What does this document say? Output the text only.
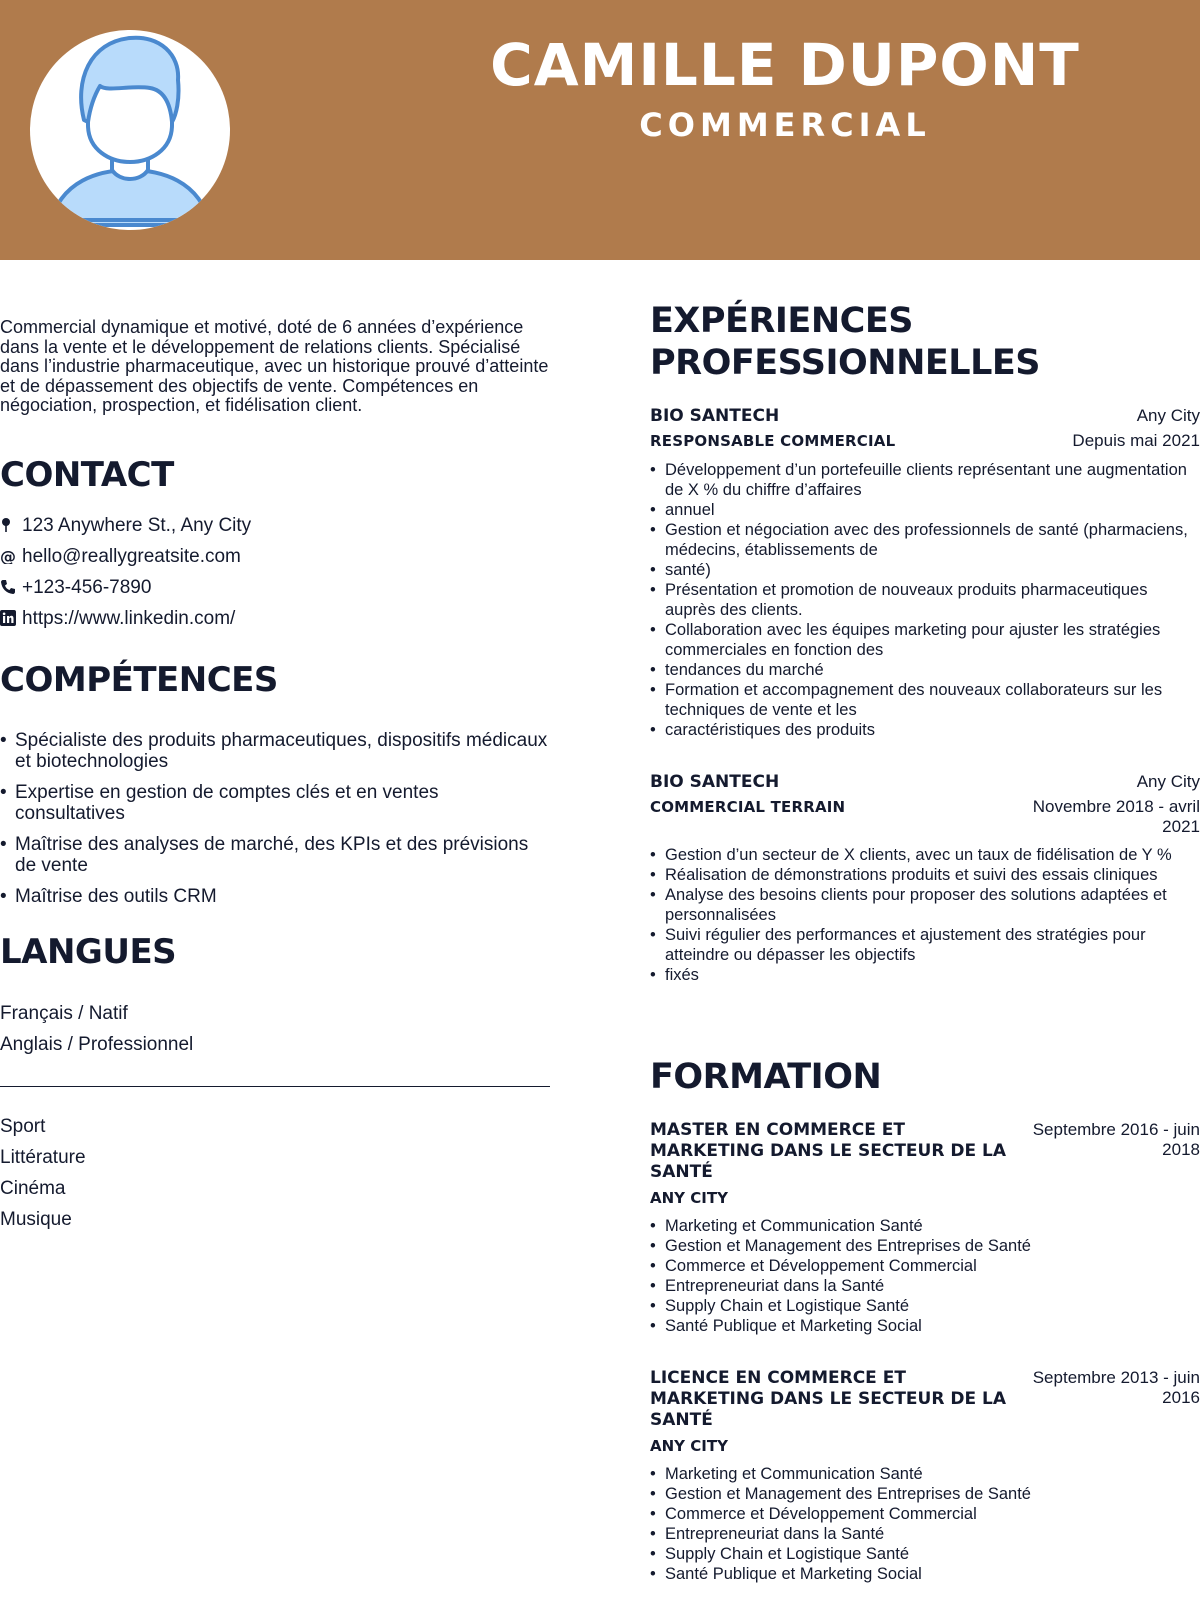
CAMILLE DUPONT
COMMERCIAL

Commercial dynamique et motivé, doté de 6 années d’expérience dans la vente et le développement de relations clients. Spécialisé dans l’industrie pharmaceutique, avec un historique prouvé d’atteinte et de dépassement des objectifs de vente. Compétences en négociation, prospection, et fidélisation client.

CONTACT
123 Anywhere St., Any City
@ hello@reallygreatsite.com
+123-456-7890
https://www.linkedin.com/
COMPÉTENCES
• Spécialiste des produits pharmaceutiques, dispositifs médicaux et biotechnologies
• Expertise en gestion de comptes clés et en ventes consultatives
• Maîtrise des analyses de marché, des KPIs et des prévisions de vente
• Maîtrise des outils CRM
LANGUES
Français / Natif
Anglais / Professionnel
Sport
Littérature
Cinéma
Musique
EXPÉRIENCES
PROFESSIONNELLES
BIO SANTECH	Any City
RESPONSABLE COMMERCIAL	Depuis mai 2021
• Développement d’un portefeuille clients représentant une augmentation de X % du chiffre d’affaires
• annuel
• Gestion et négociation avec des professionnels de santé (pharmaciens, médecins, établissements de
• santé)
• Présentation et promotion de nouveaux produits pharmaceutiques auprès des clients.
• Collaboration avec les équipes marketing pour ajuster les stratégies commerciales en fonction des
• tendances du marché
• Formation et accompagnement des nouveaux collaborateurs sur les techniques de vente et les
• caractéristiques des produits
BIO SANTECH	Any City
COMMERCIAL TERRAIN	Novembre 2018 - avril 2021
• Gestion d’un secteur de X clients, avec un taux de fidélisation de Y %
• Réalisation de démonstrations produits et suivi des essais cliniques
• Analyse des besoins clients pour proposer des solutions adaptées et personnalisées
• Suivi régulier des performances et ajustement des stratégies pour atteindre ou dépasser les objectifs
• fixés
FORMATION
MASTER EN COMMERCE ET MARKETING DANS LE SECTEUR DE LA SANTÉ
Septembre 2016 - juin 2018
ANY CITY
• Marketing et Communication Santé
• Gestion et Management des Entreprises de Santé
• Commerce et Développement Commercial
• Entrepreneuriat dans la Santé
• Supply Chain et Logistique Santé
• Santé Publique et Marketing Social
LICENCE EN COMMERCE ET MARKETING DANS LE SECTEUR DE LA SANTÉ
Septembre 2013 - juin 2016
ANY CITY
• Marketing et Communication Santé
• Gestion et Management des Entreprises de Santé
• Commerce et Développement Commercial
• Entrepreneuriat dans la Santé
• Supply Chain et Logistique Santé
• Santé Publique et Marketing Social
